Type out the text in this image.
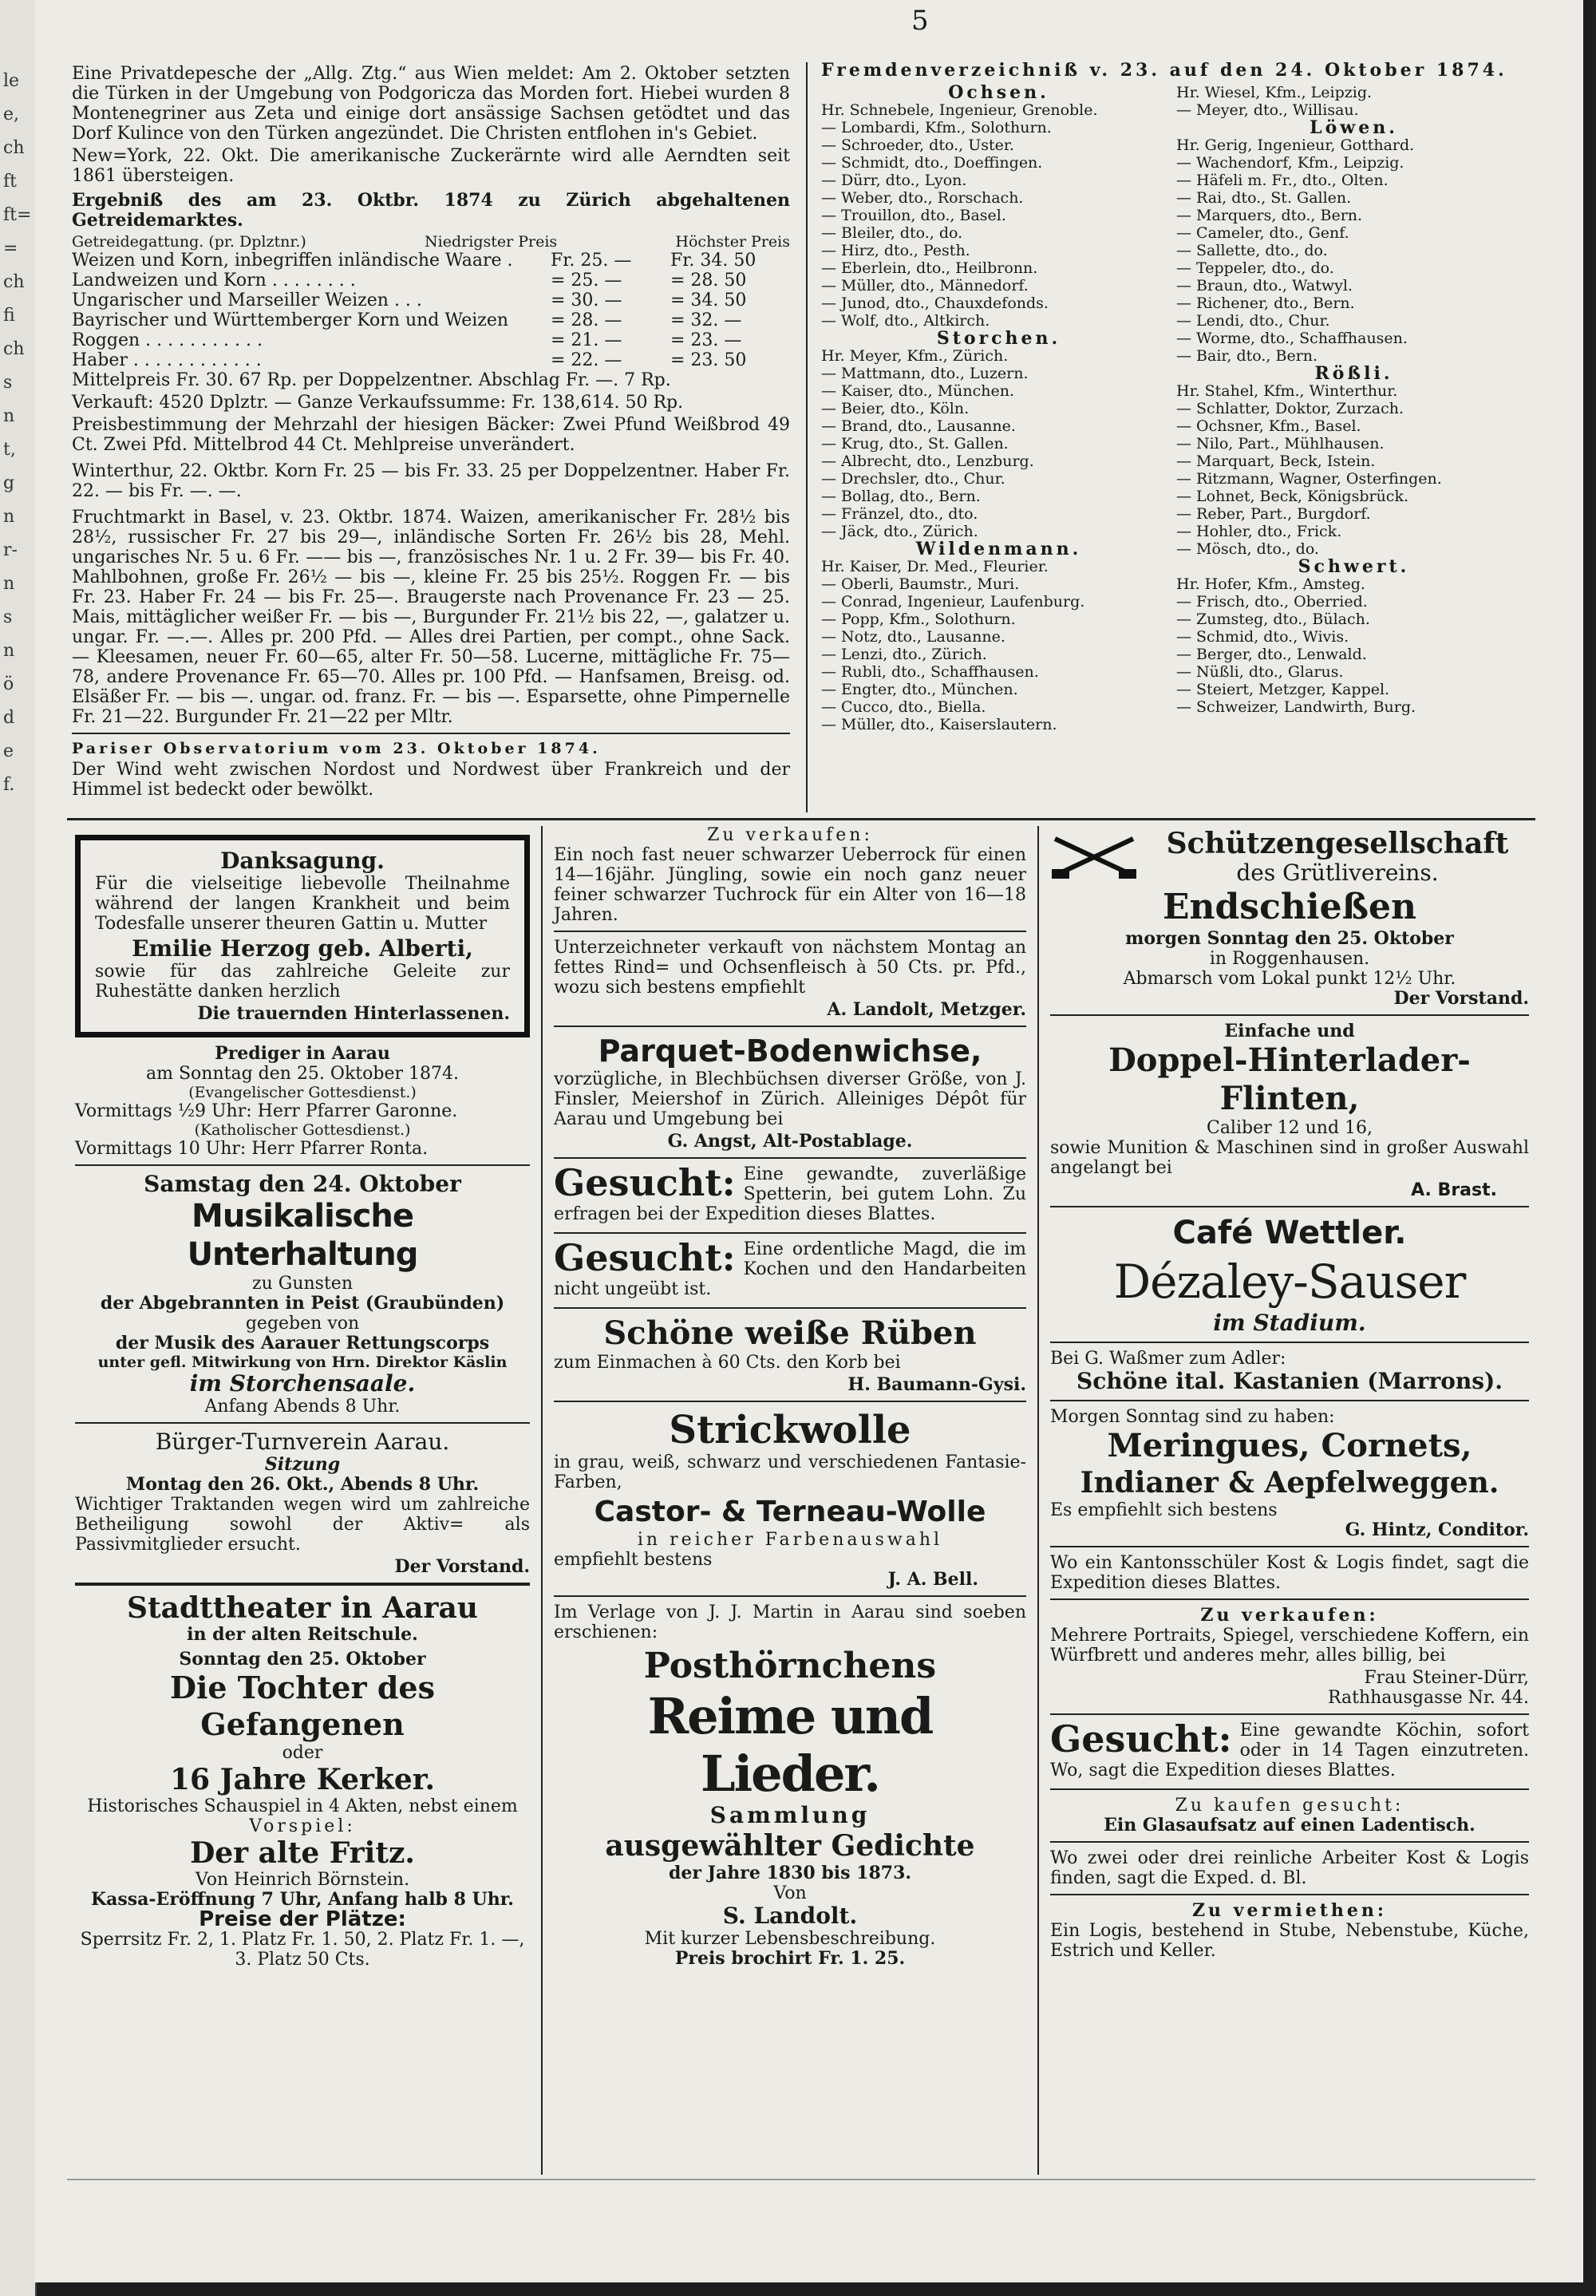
le
e,
ch
ft
ft=
=
ch
fi
ch
s
n
t,
g
n
r-
n
s
n
ö
d
e
f.
5

Eine Privatdepesche der „Allg. Ztg.“ aus Wien meldet: Am 2. Oktober setzten die Türken in der Umgebung von Podgoricza das Morden fort. Hiebei wurden 8 Montenegriner aus Zeta und einige dort ansässige Sachsen getödtet und das Dorf Kulince von den Türken angezündet. Die Christen entflohen in's Gebiet.

New=York, 22. Okt. Die amerikanische Zuckerärnte wird alle Aerndten seit 1861 übersteigen.

Ergebniß des am 23. Oktbr. 1874 zu Zürich abgehaltenen Getreidemarktes.

Getreidegattung. (pr. Dplztnr.)	Niedrigster Preis	Höchster Preis
Weizen und Korn, inbegriffen inländische Waare .	Fr. 25. —	Fr. 34. 50
Landweizen und Korn . . . . . . . .	= 25. —	= 28. 50
Ungarischer und Marseiller Weizen . . .	= 30. —	= 34. 50
Bayrischer und Württemberger Korn und Weizen	= 28. —	= 32. —
Roggen . . . . . . . . . . .	= 21. —	= 23. —
Haber . . . . . . . . . . . .	= 22. —	= 23. 50

Mittelpreis Fr. 30. 67 Rp. per Doppelzentner. Abschlag Fr. —. 7 Rp.

Verkauft: 4520 Dplztr. — Ganze Verkaufssumme: Fr. 138,614. 50 Rp.

Preisbestimmung der Mehrzahl der hiesigen Bäcker: Zwei Pfund Weißbrod 49 Ct. Zwei Pfd. Mittelbrod 44 Ct. Mehlpreise unverändert.

Winterthur, 22. Oktbr. Korn Fr. 25 — bis Fr. 33. 25 per Doppelzentner. Haber Fr. 22. — bis Fr. —. —.

Fruchtmarkt in Basel, v. 23. Oktbr. 1874. Waizen, amerikanischer Fr. 28½ bis 28½, russischer Fr. 27 bis 29—, inländische Sorten Fr. 26½ bis 28, Mehl. ungarisches Nr. 5 u. 6 Fr. —— bis —, französisches Nr. 1 u. 2 Fr. 39— bis Fr. 40. Mahlbohnen, große Fr. 26½ — bis —, kleine Fr. 25 bis 25½. Roggen Fr. — bis Fr. 23. Haber Fr. 24 — bis Fr. 25—. Braugerste nach Provenance Fr. 23 — 25. Mais, mittäglicher weißer Fr. — bis —, Burgunder Fr. 21½ bis 22, —, galatzer u. ungar. Fr. —.—. Alles pr. 200 Pfd. — Alles drei Partien, per compt., ohne Sack. — Kleesamen, neuer Fr. 60—65, alter Fr. 50—58. Lucerne, mittägliche Fr. 75—78, andere Provenance Fr. 65—70. Alles pr. 100 Pfd. — Hanfsamen, Breisg. od. Elsäßer Fr. — bis —. ungar. od. franz. Fr. — bis —. Esparsette, ohne Pimpernelle Fr. 21—22. Burgunder Fr. 21—22 per Mltr.

Pariser Observatorium vom 23. Oktober 1874.

Der Wind weht zwischen Nordost und Nordwest über Frankreich und der Himmel ist bedeckt oder bewölkt.

Fremdenverzeichniß v. 23. auf den 24. Oktober 1874.

Ochsen.
Hr. Schnebele, Ingenieur, Grenoble.
— Lombardi, Kfm., Solothurn.
— Schroeder, dto., Uster.
— Schmidt, dto., Doeffingen.
— Dürr, dto., Lyon.
— Weber, dto., Rorschach.
— Trouillon, dto., Basel.
— Bleiler, dto., do.
— Hirz, dto., Pesth.
— Eberlein, dto., Heilbronn.
— Müller, dto., Männedorf.
— Junod, dto., Chauxdefonds.
— Wolf, dto., Altkirch.
Storchen.
Hr. Meyer, Kfm., Zürich.
— Mattmann, dto., Luzern.
— Kaiser, dto., München.
— Beier, dto., Köln.
— Brand, dto., Lausanne.
— Krug, dto., St. Gallen.
— Albrecht, dto., Lenzburg.
— Drechsler, dto., Chur.
— Bollag, dto., Bern.
— Fränzel, dto., dto.
— Jäck, dto., Zürich.
Wildenmann.
Hr. Kaiser, Dr. Med., Fleurier.
— Oberli, Baumstr., Muri.
— Conrad, Ingenieur, Laufenburg.
— Popp, Kfm., Solothurn.
— Notz, dto., Lausanne.
— Lenzi, dto., Zürich.
— Rubli, dto., Schaffhausen.
— Engter, dto., München.
— Cucco, dto., Biella.
— Müller, dto., Kaiserslautern.
Hr. Wiesel, Kfm., Leipzig.
— Meyer, dto., Willisau.
Löwen.
Hr. Gerig, Ingenieur, Gotthard.
— Wachendorf, Kfm., Leipzig.
— Häfeli m. Fr., dto., Olten.
— Rai, dto., St. Gallen.
— Marquers, dto., Bern.
— Cameler, dto., Genf.
— Sallette, dto., do.
— Teppeler, dto., do.
— Braun, dto., Watwyl.
— Richener, dto., Bern.
— Lendi, dto., Chur.
— Worme, dto., Schaffhausen.
— Bair, dto., Bern.
Rößli.
Hr. Stahel, Kfm., Winterthur.
— Schlatter, Doktor, Zurzach.
— Ochsner, Kfm., Basel.
— Nilo, Part., Mühlhausen.
— Marquart, Beck, Istein.
— Ritzmann, Wagner, Osterfingen.
— Lohnet, Beck, Königsbrück.
— Reber, Part., Burgdorf.
— Hohler, dto., Frick.
— Mösch, dto., do.
Schwert.
Hr. Hofer, Kfm., Amsteg.
— Frisch, dto., Oberried.
— Zumsteg, dto., Bülach.
— Schmid, dto., Wivis.
— Berger, dto., Lenwald.
— Nüßli, dto., Glarus.
— Steiert, Metzger, Kappel.
— Schweizer, Landwirth, Burg.
Danksagung.

Für die vielseitige liebevolle Theilnahme während der langen Krankheit und beim Todesfalle unserer theuren Gattin u. Mutter

Emilie Herzog geb. Alberti,

sowie für das zahlreiche Geleite zur Ruhestätte danken herzlich

Die trauernden Hinterlassenen.
Prediger in Aarau
am Sonntag den 25. Oktober 1874.
(Evangelischer Gottesdienst.)
Vormittags ½9 Uhr: Herr Pfarrer Garonne.
(Katholischer Gottesdienst.)
Vormittags 10 Uhr: Herr Pfarrer Ronta.
Samstag den 24. Oktober
Musikalische Unterhaltung
zu Gunsten
der Abgebrannten in Peist (Graubünden)
gegeben von
der Musik des Aarauer Rettungscorps
unter gefl. Mitwirkung von Hrn. Direktor Käslin
im Storchensaale.
Anfang Abends 8 Uhr.
Bürger-Turnverein Aarau.
Sitzung
Montag den 26. Okt., Abends 8 Uhr.

Wichtiger Traktanden wegen wird um zahlreiche Betheiligung sowohl der Aktiv= als Passivmitglieder ersucht.

Der Vorstand.
Stadttheater in Aarau
in der alten Reitschule.
Sonntag den 25. Oktober
Die Tochter des Gefangenen
oder
16 Jahre Kerker.
Historisches Schauspiel in 4 Akten, nebst einem
Vorspiel:
Der alte Fritz.
Von Heinrich Börnstein.
Kassa-Eröffnung 7 Uhr, Anfang halb 8 Uhr.
Preise der Plätze:
Sperrsitz Fr. 2, 1. Platz Fr. 1. 50, 2. Platz Fr. 1. —, 3. Platz 50 Cts.
Zu verkaufen:

Ein noch fast neuer schwarzer Ueberrock für einen 14—16jähr. Jüngling, sowie ein noch ganz neuer feiner schwarzer Tuchrock für ein Alter von 16—18 Jahren.

Unterzeichneter verkauft von nächstem Montag an fettes Rind= und Ochsenfleisch à 50 Cts. pr. Pfd., wozu sich bestens empfiehlt

A. Landolt, Metzger.
Parquet-Bodenwichse,

vorzügliche, in Blechbüchsen diverser Größe, von J. Finsler, Meiershof in Zürich. Alleiniges Dépôt für Aarau und Umgebung bei

G. Angst, Alt-Postablage.
Gesucht: Eine gewandte, zuverläßige Spetterin, bei gutem Lohn. Zu erfragen bei der Expedition dieses Blattes.

Gesucht: Eine ordentliche Magd, die im Kochen und den Handarbeiten nicht ungeübt ist.

Schöne weiße Rüben

zum Einmachen à 60 Cts. den Korb bei

H. Baumann-Gysi.
Strickwolle

in grau, weiß, schwarz und verschiedenen Fantasie-Farben,

Castor- & Terneau-Wolle
in reicher Farbenauswahl
empfiehlt bestens
J. A. Bell.

Im Verlage von J. J. Martin in Aarau sind soeben erschienen:

Posthörnchens
Reime und Lieder.
Sammlung
ausgewählter Gedichte
der Jahre 1830 bis 1873.
Von
S. Landolt.
Mit kurzer Lebensbeschreibung.
Preis brochirt Fr. 1. 25.
Schützengesellschaft
des Grütlivereins.
Endschießen
morgen Sonntag den 25. Oktober
in Roggenhausen.
Abmarsch vom Lokal punkt 12½ Uhr.
Der Vorstand.
Einfache und
Doppel-Hinterlader-Flinten,
Caliber 12 und 16,

sowie Munition & Maschinen sind in großer Auswahl angelangt bei

A. Brast.
Café Wettler.
Dézaley-Sauser
im Stadium.
Bei G. Waßmer zum Adler:
Schöne ital. Kastanien (Marrons).
Morgen Sonntag sind zu haben:
Meringues, Cornets,
Indianer & Aepfelweggen.
Es empfiehlt sich bestens
G. Hintz, Conditor.

Wo ein Kantonsschüler Kost & Logis findet, sagt die Expedition dieses Blattes.

Zu verkaufen:

Mehrere Portraits, Spiegel, verschiedene Koffern, ein Würfbrett und anderes mehr, alles billig, bei

Frau Steiner-Dürr,
Rathhausgasse Nr. 44.
Gesucht: Eine gewandte Köchin, sofort oder in 14 Tagen einzutreten. Wo, sagt die Expedition dieses Blattes.

Zu kaufen gesucht:
Ein Glasaufsatz auf einen Ladentisch.

Wo zwei oder drei reinliche Arbeiter Kost & Logis finden, sagt die Exped. d. Bl.

Zu vermiethen:

Ein Logis, bestehend in Stube, Nebenstube, Küche, Estrich und Keller.
